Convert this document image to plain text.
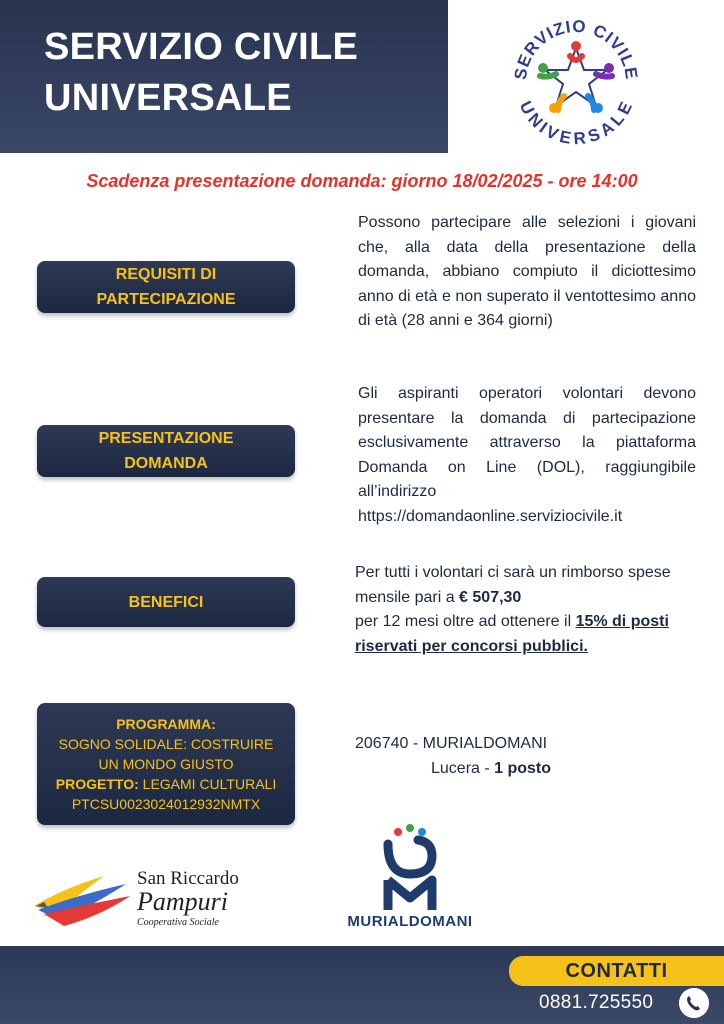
SERVIZIO CIVILE
UNIVERSALE
SERVIZIO CIVILE
UNIVERSALE
Scadenza presentazione domanda: giorno 18/02/2025 - ore 14:00
REQUISITI DI
PARTECIPAZIONE
Possono partecipare alle selezioni i giovani che, alla data della presentazione della domanda, abbiano compiuto il diciottesimo anno di età e non superato il ventottesimo anno di età (28 anni e 364 giorni)
PRESENTAZIONE
DOMANDA
Gli aspiranti operatori volontari devono presentare la domanda di partecipazione esclusivamente attraverso la piattaforma Domanda on Line (DOL), raggiungibile all’indirizzo
https://domandaonline.serviziocivile.it
BENEFICI
Per tutti i volontari ci sarà un rimborso spese mensile pari a € 507,30
per 12 mesi oltre ad ottenere il 15% di posti riservati per concorsi pubblici.
PROGRAMMA:
SOGNO SOLIDALE: COSTRUIRE
UN MONDO GIUSTO
PROGETTO: LEGAMI CULTURALI
PTCSU0023024012932NMTX
206740 - MURIALDOMANI
Lucera - 1 posto
San Riccardo
Pampuri
Cooperativa Sociale	MURIALDOMANI
CONTATTI
0881.725550
